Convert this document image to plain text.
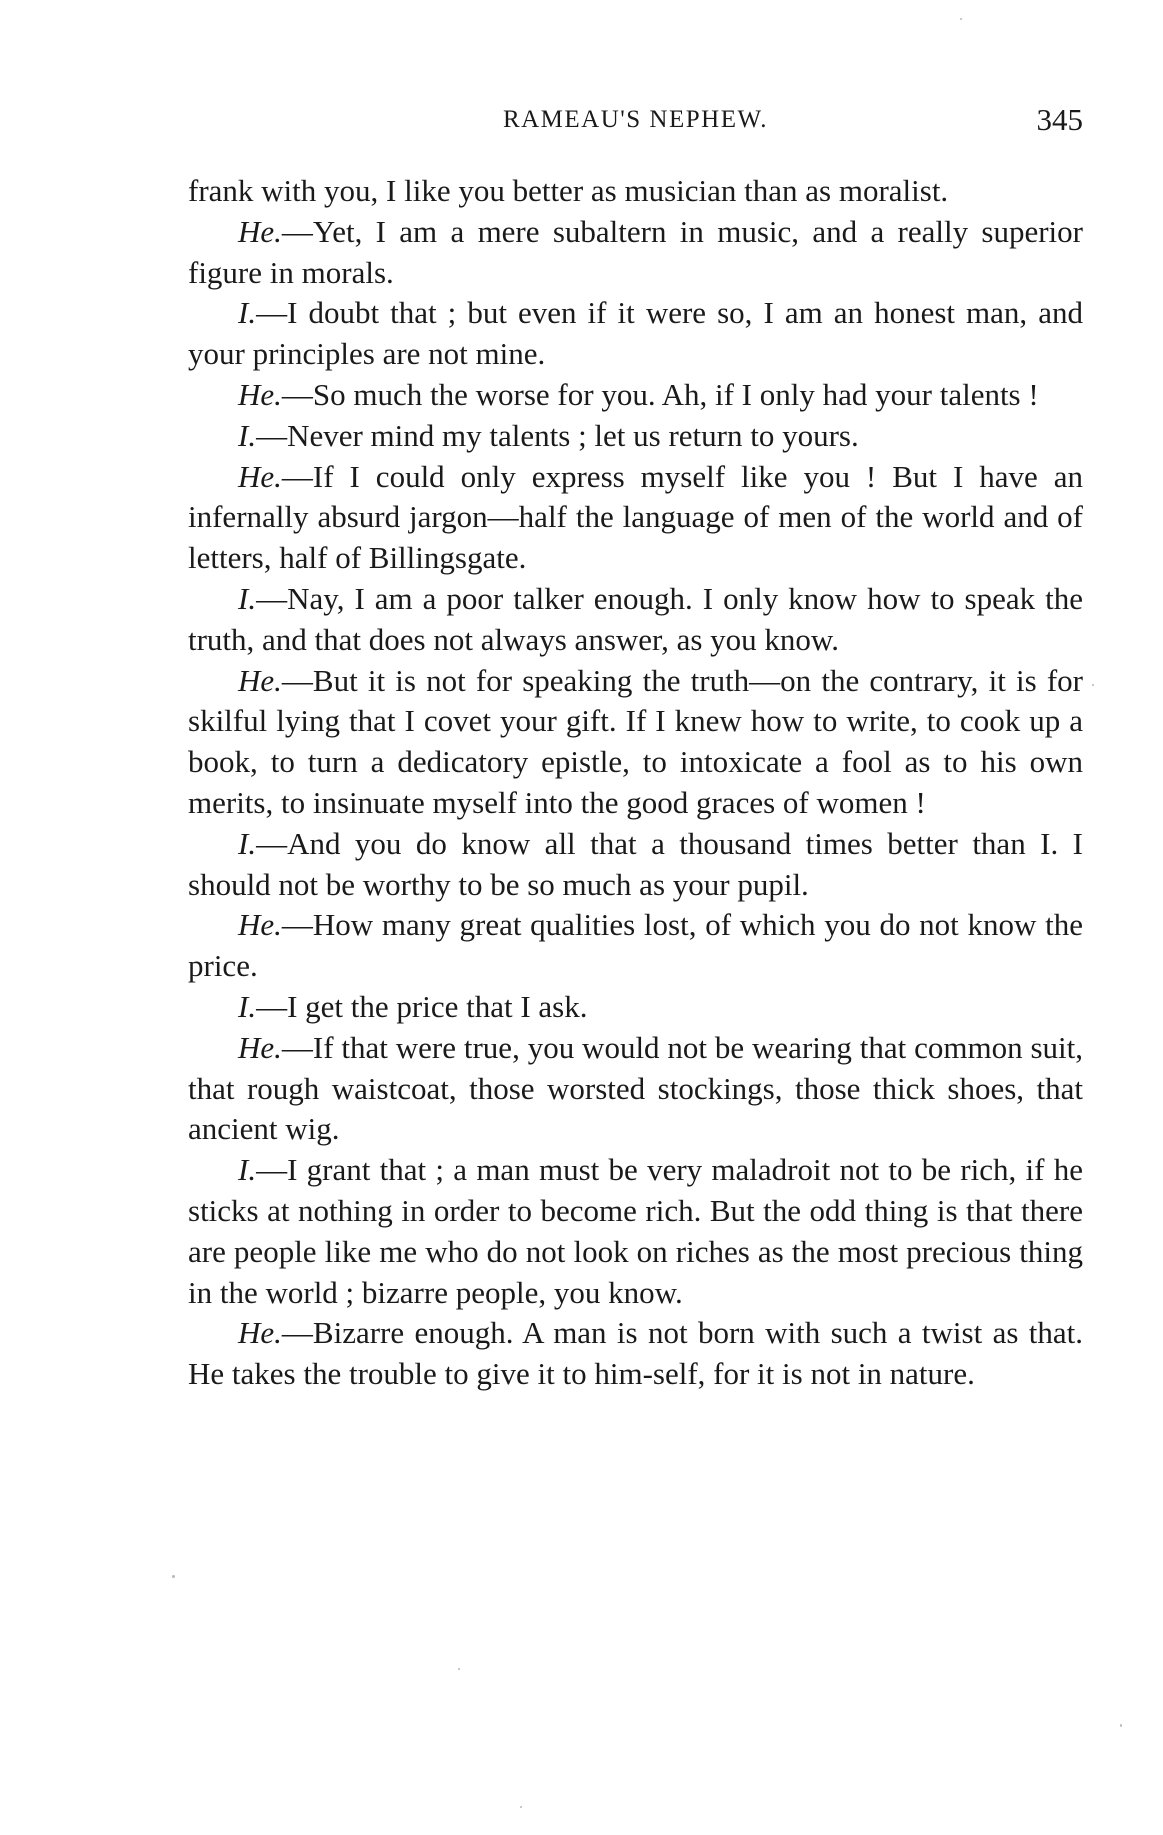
RAMEAU'S NEPHEW.	345

frank with you, I like you better as musician than as moralist.

He.—Yet, I am a mere subaltern in music, and a really superior figure in morals.

I.—I doubt that ; but even if it were so, I am an honest man, and your principles are not mine.

He.—So much the worse for you. Ah, if I only had your talents !

I.—Never mind my talents ; let us return to yours.

He.—If I could only express myself like you ! But I have an infernally absurd jargon—half the language of men of the world and of letters, half of Billingsgate.

I.—Nay, I am a poor talker enough. I only know how to speak the truth, and that does not always answer, as you know.

He.—But it is not for speaking the truth—on the contrary, it is for skilful lying that I covet your gift. If I knew how to write, to cook up a book, to turn a dedicatory epistle, to intoxicate a fool as to his own merits, to insinuate myself into the good graces of women !

I.—And you do know all that a thousand times better than I. I should not be worthy to be so much as your pupil.

He.—How many great qualities lost, of which you do not know the price.

I.—I get the price that I ask.

He.—If that were true, you would not be wearing that common suit, that rough waistcoat, those worsted stockings, those thick shoes, that ancient wig.

I.—I grant that ; a man must be very maladroit not to be rich, if he sticks at nothing in order to become rich. But the odd thing is that there are people like me who do not look on riches as the most precious thing in the world ; bizarre people, you know.

He.—Bizarre enough. A man is not born with such a twist as that. He takes the trouble to give it to him-self, for it is not in nature.
